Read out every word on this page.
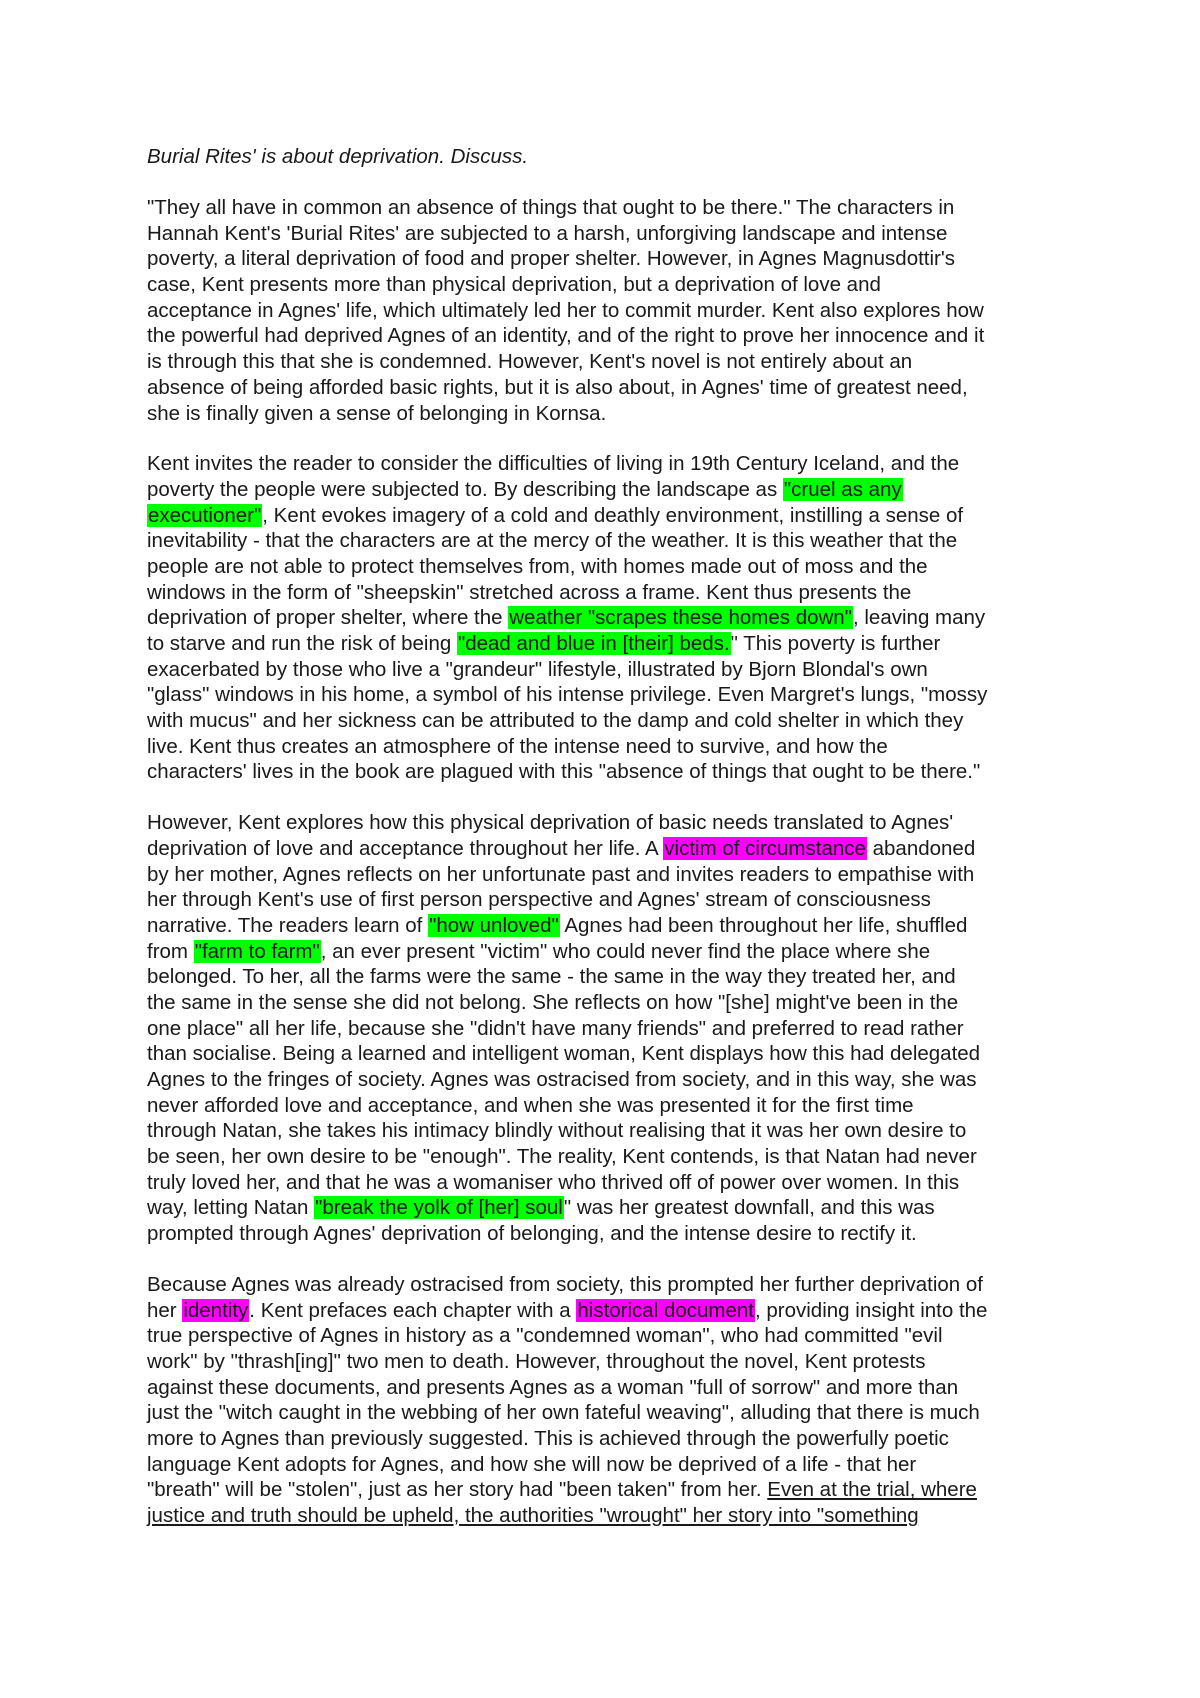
Burial Rites' is about deprivation. Discuss.
"They all have in common an absence of things that ought to be there." The characters in
Hannah Kent's 'Burial Rites' are subjected to a harsh, unforgiving landscape and intense
poverty, a literal deprivation of food and proper shelter. However, in Agnes Magnusdottir's
case, Kent presents more than physical deprivation, but a deprivation of love and
acceptance in Agnes' life, which ultimately led her to commit murder. Kent also explores how
the powerful had deprived Agnes of an identity, and of the right to prove her innocence and it
is through this that she is condemned. However, Kent's novel is not entirely about an
absence of being afforded basic rights, but it is also about, in Agnes' time of greatest need,
she is finally given a sense of belonging in Kornsa.
Kent invites the reader to consider the difficulties of living in 19th Century Iceland, and the
poverty the people were subjected to. By describing the landscape as "cruel as any
executioner", Kent evokes imagery of a cold and deathly environment, instilling a sense of
inevitability - that the characters are at the mercy of the weather. It is this weather that the
people are not able to protect themselves from, with homes made out of moss and the
windows in the form of "sheepskin" stretched across a frame. Kent thus presents the
deprivation of proper shelter, where the weather "scrapes these homes down", leaving many
to starve and run the risk of being "dead and blue in [their] beds." This poverty is further
exacerbated by those who live a "grandeur" lifestyle, illustrated by Bjorn Blondal's own
"glass" windows in his home, a symbol of his intense privilege. Even Margret's lungs, "mossy
with mucus" and her sickness can be attributed to the damp and cold shelter in which they
live. Kent thus creates an atmosphere of the intense need to survive, and how the
characters' lives in the book are plagued with this "absence of things that ought to be there."
However, Kent explores how this physical deprivation of basic needs translated to Agnes'
deprivation of love and acceptance throughout her life. A victim of circumstance abandoned
by her mother, Agnes reflects on her unfortunate past and invites readers to empathise with
her through Kent's use of first person perspective and Agnes' stream of consciousness
narrative. The readers learn of "how unloved" Agnes had been throughout her life, shuffled
from "farm to farm", an ever present "victim" who could never find the place where she
belonged. To her, all the farms were the same - the same in the way they treated her, and
the same in the sense she did not belong. She reflects on how "[she] might've been in the
one place" all her life, because she "didn't have many friends" and preferred to read rather
than socialise. Being a learned and intelligent woman, Kent displays how this had delegated
Agnes to the fringes of society. Agnes was ostracised from society, and in this way, she was
never afforded love and acceptance, and when she was presented it for the first time
through Natan, she takes his intimacy blindly without realising that it was her own desire to
be seen, her own desire to be "enough". The reality, Kent contends, is that Natan had never
truly loved her, and that he was a womaniser who thrived off of power over women. In this
way, letting Natan "break the yolk of [her] soul" was her greatest downfall, and this was
prompted through Agnes' deprivation of belonging, and the intense desire to rectify it.
Because Agnes was already ostracised from society, this prompted her further deprivation of
her identity. Kent prefaces each chapter with a historical document, providing insight into the
true perspective of Agnes in history as a "condemned woman", who had committed "evil
work" by "thrash[ing]" two men to death. However, throughout the novel, Kent protests
against these documents, and presents Agnes as a woman "full of sorrow" and more than
just the "witch caught in the webbing of her own fateful weaving", alluding that there is much
more to Agnes than previously suggested. This is achieved through the powerfully poetic
language Kent adopts for Agnes, and how she will now be deprived of a life - that her
"breath" will be "stolen", just as her story had "been taken" from her. Even at the trial, where
justice and truth should be upheld, the authorities "wrought" her story into "something
